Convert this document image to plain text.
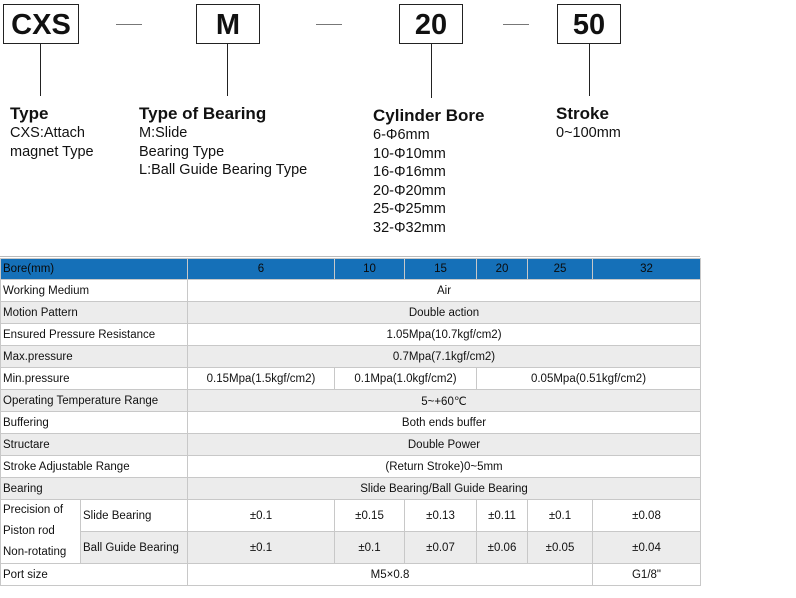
CXS	M	20	50
Type
CXS:Attach
magnet Type
Type of Bearing
M:Slide
Bearing Type
L:Ball Guide Bearing Type
Cylinder Bore
6-Φ6mm
10-Φ10mm
16-Φ16mm
20-Φ20mm
25-Φ25mm
32-Φ32mm
Stroke
0~100mm
Bore(mm)		6	10	15	20	25	32
Working Medium		Air					
Motion Pattern		Double action					
Ensured Pressure Resistance		1.05Mpa(10.7kgf/cm2)					
Max.pressure		0.7Mpa(7.1kgf/cm2)					
Min.pressure		0.15Mpa(1.5kgf/cm2)	0.1Mpa(1.0kgf/cm2)		0.05Mpa(0.51kgf/cm2)		
Operating Temperature Range		5~+60℃					
Buffering		Both ends buffer					
Structare		Double Power					
Stroke Adjustable Range		(Return Stroke)0~5mm					
Bearing		Slide Bearing/Ball Guide Bearing					

Precision of
Piston rod
Non-rotating	Slide Bearing	±0.1	±0.15	±0.13	±0.11	±0.1	±0.08
	Ball Guide Bearing	±0.1	±0.1	±0.07	±0.06	±0.05	±0.04
Port size		M5×0.8					G1/8"
